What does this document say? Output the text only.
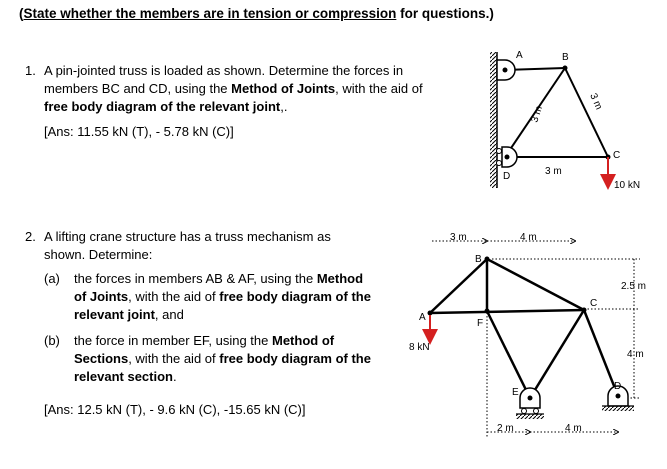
(State whether the members are in tension or compression for questions.)
1. A pin-jointed truss is loaded as shown. Determine the forces in
members BC and CD, using the Method of Joints, with the aid of
free body diagram of the relevant joint,.
[Ans: 11.55 kN (T), - 5.78 kN (C)]
2. A lifting crane structure has a truss mechanism as
shown. Determine:
(a) the forces in members AB & AF, using the Method
of Joints, with the aid of free body diagram of the
relevant joint, and
(b) the force in member EF, using the Method of
Sections, with the aid of free body diagram of the
relevant section.
[Ans: 12.5 kN (T), - 9.6 kN (C), -15.65 kN (C)]
A	B
C
D	3 m
3 m
3 m
10 kN
3 m	4 m
2.5 m
4 m
2 m	4 m
8 kN
A
B
C
D
E
F
